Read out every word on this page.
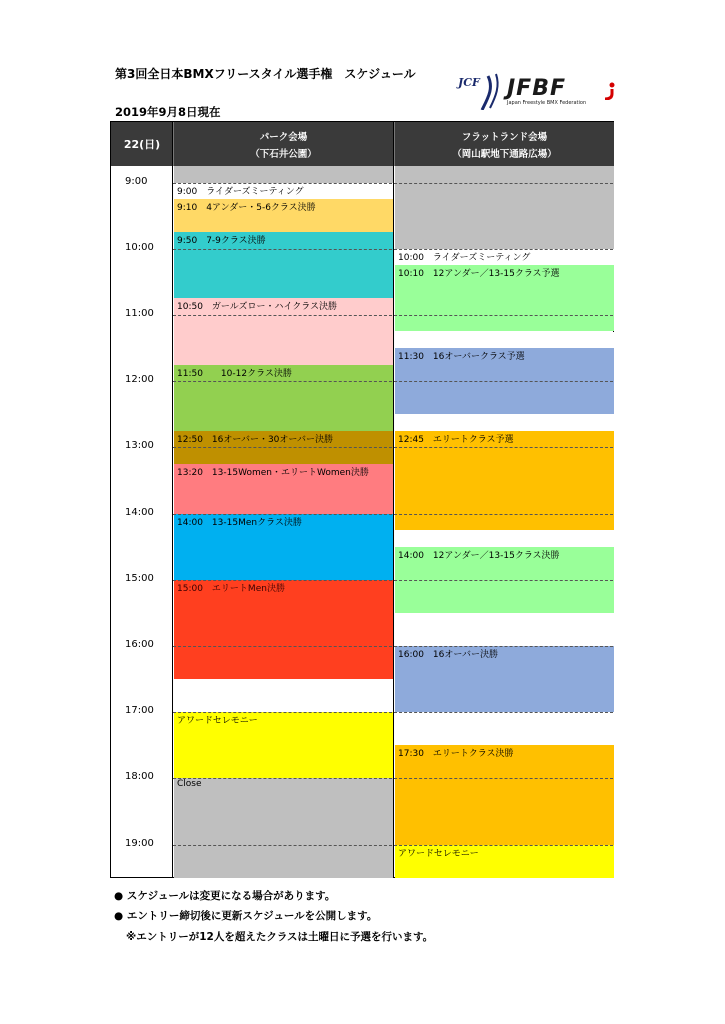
第3回全日本BMXフリースタイル選手権　スケジュール
2019年9月8日現在
JCF JFBF
Japan Freestyle BMX Federation
22(日)
パーク会場
（下石井公園）
フラットランド会場
（岡山駅地下通路広場）
9:00　ライダーズミーティング
9:10　4アンダー・5-6クラス決勝
9:50　7-9クラス決勝
10:50　ガールズロー・ハイクラス決勝
11:50　　10-12クラス決勝
12:50　16オーバー・30オーバー決勝
13:20　13-15Women・エリートWomen決勝
14:00　13-15Menクラス決勝
15:00　エリートMen決勝
アワードセレモニー
Close
10:00　ライダーズミーティング
10:10　12アンダー／13-15クラス予選
11:30　16オーバークラス予選
12:45　エリートクラス予選
14:00　12アンダー／13-15クラス決勝
16:00　16オーバー決勝
17:30　エリートクラス決勝
アワードセレモニー
9:00
10:00
11:00
12:00
13:00
14:00
15:00
16:00
17:00
18:00
19:00
● スケジュールは変更になる場合があります。
● エントリー締切後に更新スケジュールを公開します。
※エントリーが12人を超えたクラスは土曜日に予選を行います。
